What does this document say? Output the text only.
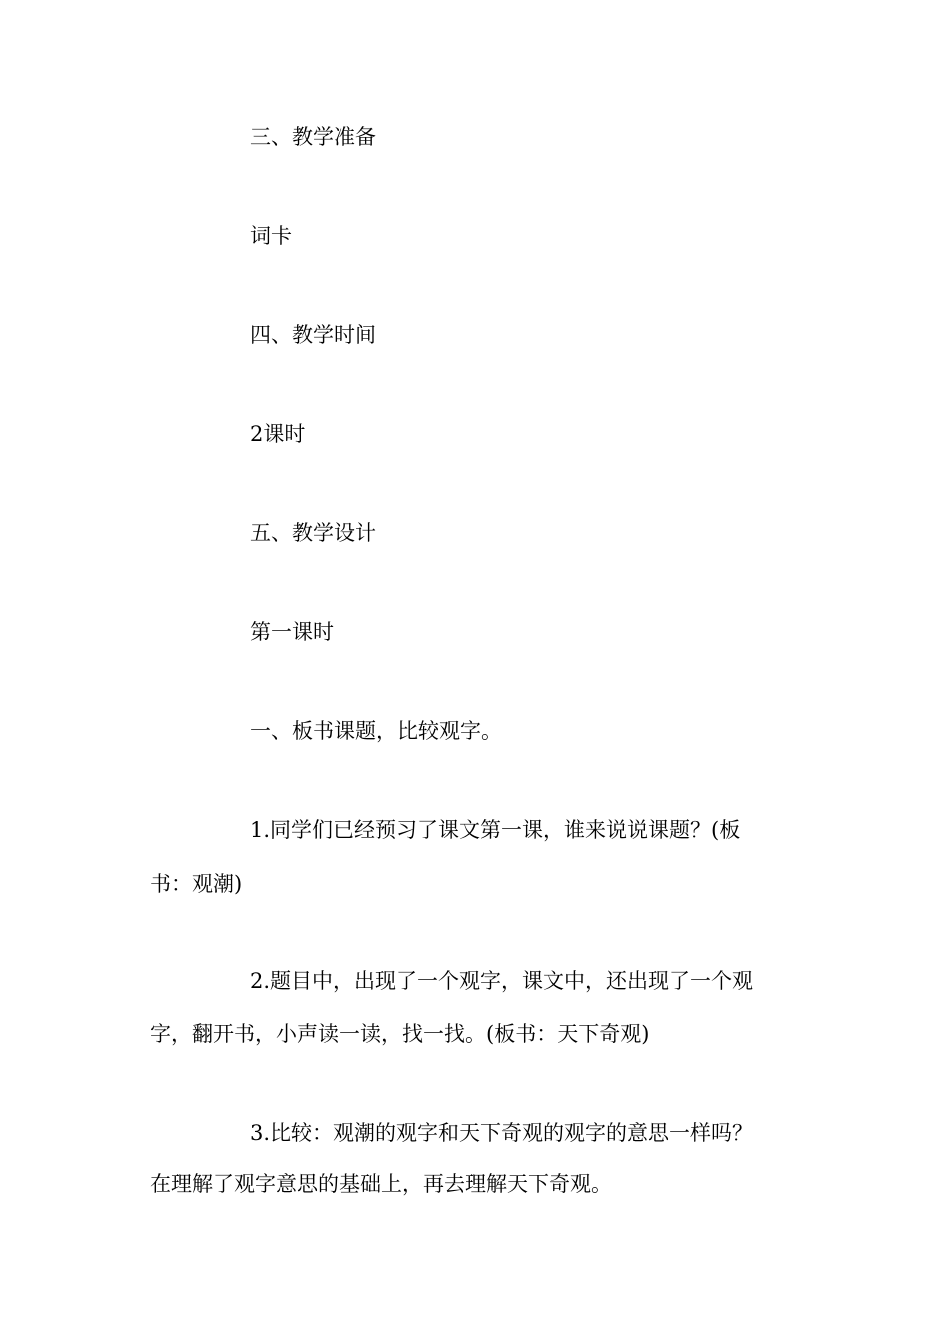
三、教学准备
词卡
四、教学时间
2课时
五、教学设计
第一课时
一、板书课题，比较观字。
1.同学们已经预习了课文第一课，谁来说说课题？(板
书：观潮)
2.题目中，出现了一个观字，课文中，还出现了一个观
字，翻开书，小声读一读，找一找。(板书：天下奇观)
3.比较：观潮的观字和天下奇观的观字的意思一样吗？
在理解了观字意思的基础上，再去理解天下奇观。
